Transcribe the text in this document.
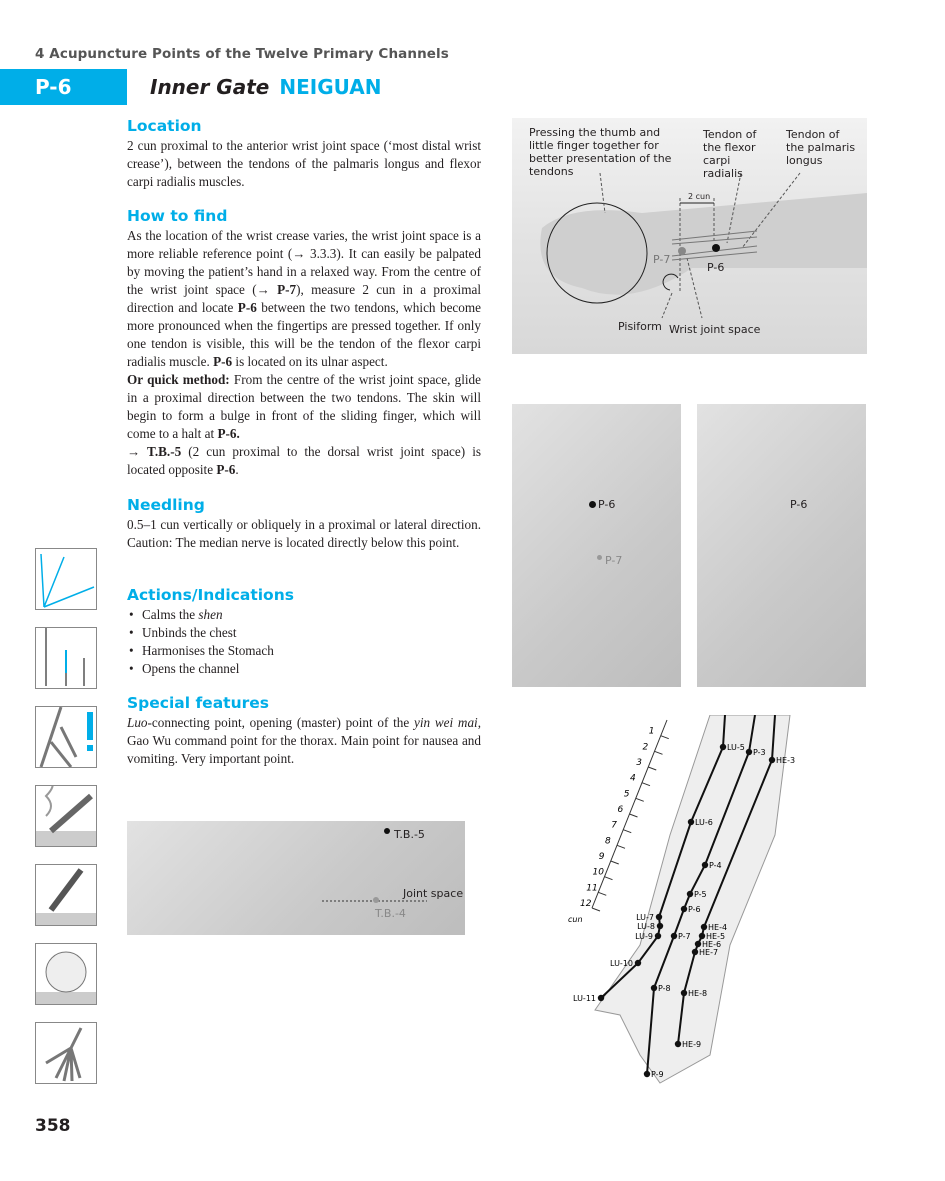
4 Acupuncture Points of the Twelve Primary Channels
P-6	Inner Gate NEIGUAN
Location

2 cun proximal to the anterior wrist joint space (‘most distal wrist crease’), between the tendons of the palmaris longus and flexor carpi radialis muscles.

How to find

As the location of the wrist crease varies, the wrist joint space is a more reliable reference point (→ 3.3.3). It can easily be palpated by moving the patient’s hand in a relaxed way. From the centre of the wrist joint space (→ P-7), measure 2 cun in a proximal direction and locate P-6 between the two tendons, which become more pronounced when the fingertips are pressed together. If only one tendon is visible, this will be the tendon of the flexor carpi radialis muscle. P-6 is located on its ulnar aspect.
Or quick method: From the centre of the wrist joint space, glide in a proximal direction between the two tendons. The skin will begin to form a bulge in front of the sliding finger, which will come to a halt at P-6.
→ T.B.-5 (2 cun proximal to the dorsal wrist joint space) is located opposite P-6.

Needling

0.5–1 cun vertically or obliquely in a proximal or lateral direction. Caution: The median nerve is located directly below this point.

Actions/Indications
• Calms the shen
• Unbinds the chest
• Harmonises the Stomach
• Opens the channel
Special features

Luo-connecting point, opening (master) point of the yin wei mai, Gao Wu command point for the thorax. Main point for nausea and vomiting. Very important point.

Pressing the thumb and little finger together for better presentation of the tendons
Tendon of the flexor carpi radialis
Tendon of the palmaris longus
2 cun
P-7
P-6
Pisiform Wrist joint space
P-6
P-7
P-6
T.B.-5
Joint space
T.B.-4
1
2
3
4
5
6
7
8
9
10
11
12
cun
LU-5
P-3
HE-3
LU-6
P-4
P-5
LU-7
P-6
LU-8
LU-9	P-7
HE-4
HE-5
HE-6
HE-7
LU-10
LU-11
P-8
HE-8
HE-9
P-9
358
